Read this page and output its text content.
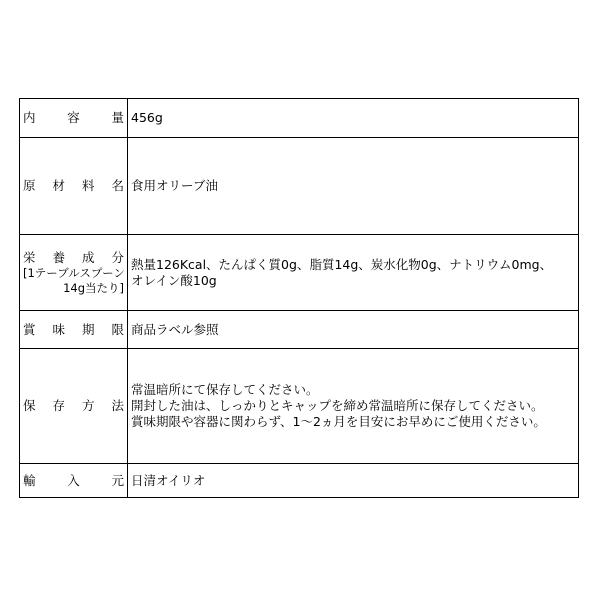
内 容 量	456g

原 材 料 名	食用オリーブ油

栄 養 成 分
[1テーブルスプーン
14g当たり]	熱量126Kcal、たんぱく質0g、脂質14g、炭水化物0g、ナトリウム0mg、
オレイン酸10g

賞 味 期 限	商品ラベル参照

保 存 方 法	常温暗所にて保存してください。
開封した油は、しっかりとキャップを締め常温暗所に保存してください。
賞味期限や容器に関わらず、1～2ヵ月を目安にお早めにご使用ください。

輸 入 元	日清オイリオ
